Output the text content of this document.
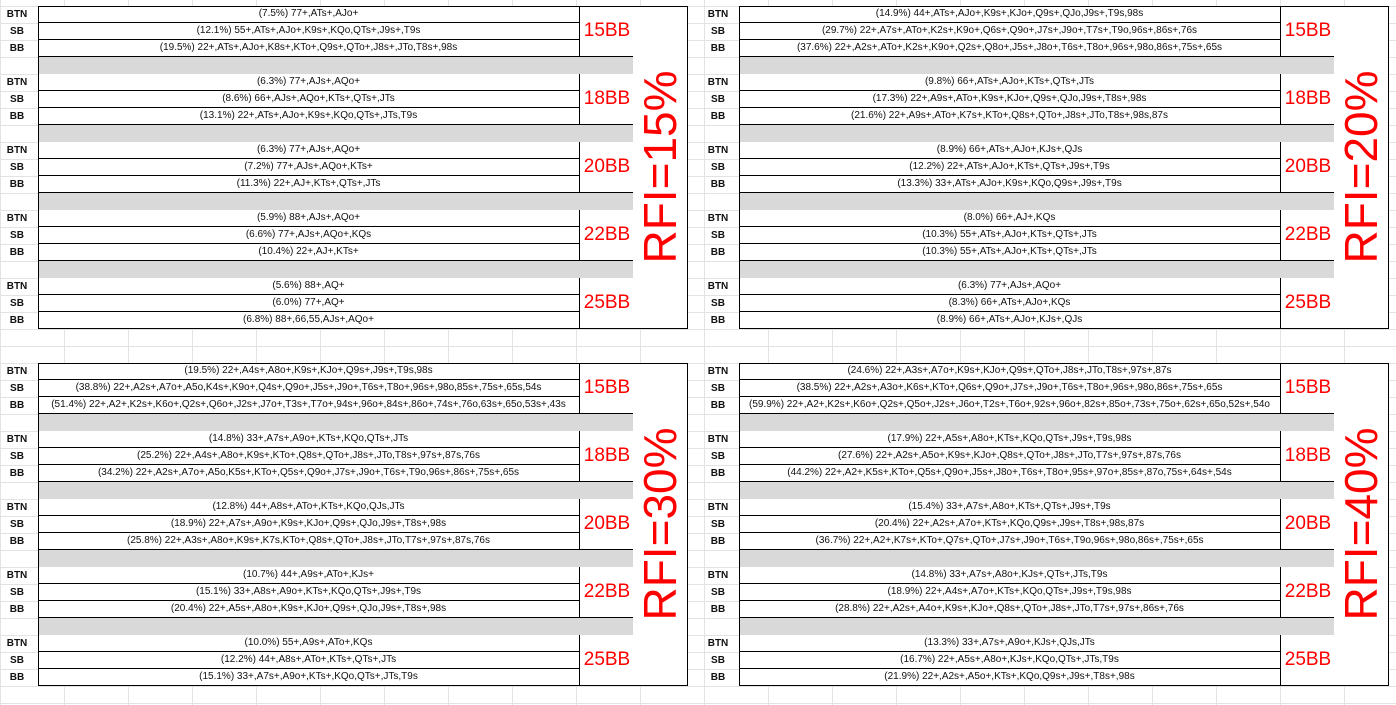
BTN	(7.5%) 77+,ATs+,AJo+
SB	(12.1%) 55+,ATs+,AJo+,K9s+,KQo,QTs+,J9s+,T9s
BB	(19.5%) 22+,ATs+,AJo+,K8s+,KTo+,Q9s+,QTo+,J8s+,JTo,T8s+,98s
15BB
BTN	(6.3%) 77+,AJs+,AQo+
SB	(8.6%) 66+,AJs+,AQo+,KTs+,QTs+,JTs
BB	(13.1%) 22+,ATs+,AJo+,K9s+,KQo,QTs+,JTs,T9s
18BB
BTN	(6.3%) 77+,AJs+,AQo+
SB	(7.2%) 77+,AJs+,AQo+,KTs+
BB	(11.3%) 22+,AJ+,KTs+,QTs+,JTs
20BB
BTN	(5.9%) 88+,AJs+,AQo+
SB	(6.6%) 77+,AJs+,AQo+,KQs
BB	(10.4%) 22+,AJ+,KTs+
22BB
BTN	(5.6%) 88+,AQ+
SB	(6.0%) 77+,AQ+
BB	(6.8%) 88+,66,55,AJs+,AQo+
25BB
RFI=15%
BTN	(14.9%) 44+,ATs+,AJo+,K9s+,KJo+,Q9s+,QJo,J9s+,T9s,98s
SB	(29.7%) 22+,A7s+,ATo+,K2s+,K9o+,Q6s+,Q9o+,J7s+,J9o+,T7s+,T9o,96s+,86s+,76s
BB	(37.6%) 22+,A2s+,ATo+,K2s+,K9o+,Q2s+,Q8o+,J5s+,J8o+,T6s+,T8o+,96s+,98o,86s+,75s+,65s
15BB
BTN	(9.8%) 66+,ATs+,AJo+,KTs+,QTs+,JTs
SB	(17.3%) 22+,A9s+,ATo+,K9s+,KJo+,Q9s+,QJo,J9s+,T8s+,98s
BB	(21.6%) 22+,A9s+,ATo+,K7s+,KTo+,Q8s+,QTo+,J8s+,JTo,T8s+,98s,87s
18BB
BTN	(8.9%) 66+,ATs+,AJo+,KJs+,QJs
SB	(12.2%) 22+,ATs+,AJo+,KTs+,QTs+,J9s+,T9s
BB	(13.3%) 33+,ATs+,AJo+,K9s+,KQo,Q9s+,J9s+,T9s
20BB
BTN	(8.0%) 66+,AJ+,KQs
SB	(10.3%) 55+,ATs+,AJo+,KTs+,QTs+,JTs
BB	(10.3%) 55+,ATs+,AJo+,KTs+,QTs+,JTs
22BB
BTN	(6.3%) 77+,AJs+,AQo+
SB	(8.3%) 66+,ATs+,AJo+,KQs
BB	(8.9%) 66+,ATs+,AJo+,KJs+,QJs
25BB
RFI=20%
BTN	(19.5%) 22+,A4s+,A8o+,K9s+,KJo+,Q9s+,J9s+,T9s,98s
SB	(38.8%) 22+,A2s+,A7o+,A5o,K4s+,K9o+,Q4s+,Q9o+,J5s+,J9o+,T6s+,T8o+,96s+,98o,85s+,75s+,65s,54s
BB	(51.4%) 22+,A2+,K2s+,K6o+,Q2s+,Q6o+,J2s+,J7o+,T3s+,T7o+,94s+,96o+,84s+,86o+,74s+,76o,63s+,65o,53s+,43s
15BB
BTN	(14.8%) 33+,A7s+,A9o+,KTs+,KQo,QTs+,JTs
SB	(25.2%) 22+,A4s+,A8o+,K9s+,KTo+,Q8s+,QTo+,J8s+,JTo,T8s+,97s+,87s,76s
BB	(34.2%) 22+,A2s+,A7o+,A5o,K5s+,KTo+,Q5s+,Q9o+,J7s+,J9o+,T6s+,T9o,96s+,86s+,75s+,65s
18BB
BTN	(12.8%) 44+,A8s+,ATo+,KTs+,KQo,QJs,JTs
SB	(18.9%) 22+,A7s+,A9o+,K9s+,KJo+,Q9s+,QJo,J9s+,T8s+,98s
BB	(25.8%) 22+,A3s+,A8o+,K9s+,K7s,KTo+,Q8s+,QTo+,J8s+,JTo,T7s+,97s+,87s,76s
20BB
BTN	(10.7%) 44+,A9s+,ATo+,KJs+
SB	(15.1%) 33+,A8s+,A9o+,KTs+,KQo,QTs+,J9s+,T9s
BB	(20.4%) 22+,A5s+,A8o+,K9s+,KJo+,Q9s+,QJo,J9s+,T8s+,98s
22BB
BTN	(10.0%) 55+,A9s+,ATo+,KQs
SB	(12.2%) 44+,A8s+,ATo+,KTs+,QTs+,JTs
BB	(15.1%) 33+,A7s+,A9o+,KTs+,KQo,QTs+,JTs,T9s
25BB
RFI=30%
BTN	(24.6%) 22+,A3s+,A7o+,K9s+,KJo+,Q9s+,QTo+,J8s+,JTo,T8s+,97s+,87s
SB	(38.5%) 22+,A2s+,A3o+,K6s+,KTo+,Q6s+,Q9o+,J7s+,J9o+,T6s+,T8o+,96s+,98o,86s+,75s+,65s
BB	(59.9%) 22+,A2+,K2s+,K6o+,Q2s+,Q5o+,J2s+,J6o+,T2s+,T6o+,92s+,96o+,82s+,85o+,73s+,75o+,62s+,65o,52s+,54o
15BB
BTN	(17.9%) 22+,A5s+,A8o+,KTs+,KQo,QTs+,J9s+,T9s,98s
SB	(27.6%) 22+,A2s+,A5o+,K9s+,KJo+,Q8s+,QTo+,J8s+,JTo,T7s+,97s+,87s,76s
BB	(44.2%) 22+,A2+,K5s+,KTo+,Q5s+,Q9o+,J5s+,J8o+,T6s+,T8o+,95s+,97o+,85s+,87o,75s+,64s+,54s
18BB
BTN	(15.4%) 33+,A7s+,A8o+,KTs+,QTs+,J9s+,T9s
SB	(20.4%) 22+,A2s+,A7o+,KTs+,KQo,Q9s+,J9s+,T8s+,98s,87s
BB	(36.7%) 22+,A2+,K7s+,KTo+,Q7s+,QTo+,J7s+,J9o+,T6s+,T9o,96s+,98o,86s+,75s+,65s
20BB
BTN	(14.8%) 33+,A7s+,A8o+,KJs+,QTs+,JTs,T9s
SB	(18.9%) 22+,A4s+,A7o+,KTs+,KQo,QTs+,J9s+,T9s,98s
BB	(28.8%) 22+,A2s+,A4o+,K9s+,KJo+,Q8s+,QTo+,J8s+,JTo,T7s+,97s+,86s+,76s
22BB
BTN	(13.3%) 33+,A7s+,A9o+,KJs+,QJs,JTs
SB	(16.7%) 22+,A5s+,A8o+,KJs+,KQo,QTs+,JTs,T9s
BB	(21.9%) 22+,A2s+,A5o+,KTs+,KQo,Q9s+,J9s+,T8s+,98s
25BB
RFI=40%
